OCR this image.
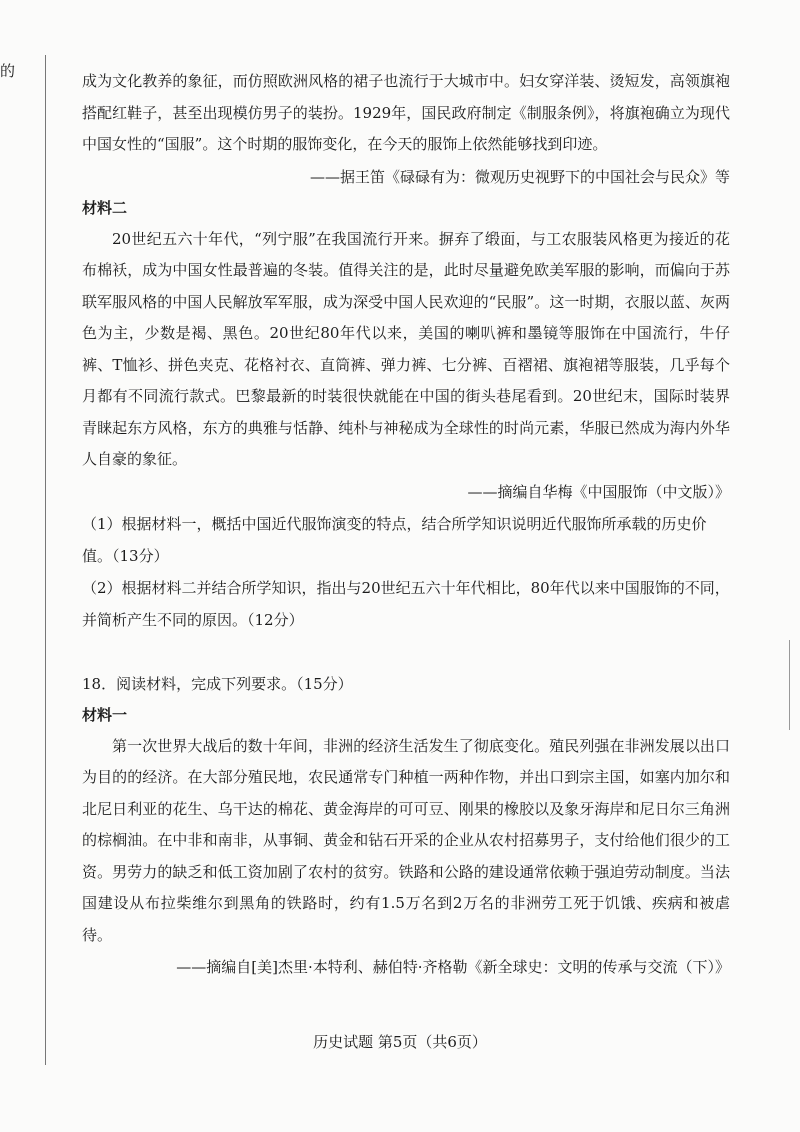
的

成为文化教养的象征，而仿照欧洲风格的裙子也流行于大城市中。妇女穿洋装、烫短发，高领旗袍搭配红鞋子，甚至出现模仿男子的装扮。1929年，国民政府制定《制服条例》，将旗袍确立为现代中国女性的“国服”。这个时期的服饰变化，在今天的服饰上依然能够找到印迹。

——据王笛《碌碌有为：微观历史视野下的中国社会与民众》等

材料二

20世纪五六十年代，“列宁服”在我国流行开来。摒弃了缎面，与工农服装风格更为接近的花布棉袄，成为中国女性最普遍的冬装。值得关注的是，此时尽量避免欧美军服的影响，而偏向于苏联军服风格的中国人民解放军军服，成为深受中国人民欢迎的“民服”。这一时期，衣服以蓝、灰两色为主，少数是褐、黑色。20世纪80年代以来，美国的喇叭裤和墨镜等服饰在中国流行，牛仔裤、T恤衫、拼色夹克、花格衬衣、直筒裤、弹力裤、七分裤、百褶裙、旗袍裙等服装，几乎每个月都有不同流行款式。巴黎最新的时装很快就能在中国的街头巷尾看到。20世纪末，国际时装界青睐起东方风格，东方的典雅与恬静、纯朴与神秘成为全球性的时尚元素，华服已然成为海内外华人自豪的象征。

——摘编自华梅《中国服饰（中文版）》

（1）根据材料一，概括中国近代服饰演变的特点，结合所学知识说明近代服饰所承载的历史价值。（13分）

（2）根据材料二并结合所学知识，指出与20世纪五六十年代相比，80年代以来中国服饰的不同，并简析产生不同的原因。（12分）

18．阅读材料，完成下列要求。（15分）

材料一

第一次世界大战后的数十年间，非洲的经济生活发生了彻底变化。殖民列强在非洲发展以出口为目的的经济。在大部分殖民地，农民通常专门种植一两种作物，并出口到宗主国，如塞内加尔和北尼日利亚的花生、乌干达的棉花、黄金海岸的可可豆、刚果的橡胶以及象牙海岸和尼日尔三角洲的棕榈油。在中非和南非，从事铜、黄金和钻石开采的企业从农村招募男子，支付给他们很少的工资。男劳力的缺乏和低工资加剧了农村的贫穷。铁路和公路的建设通常依赖于强迫劳动制度。当法国建设从布拉柴维尔到黑角的铁路时，约有1.5万名到2万名的非洲劳工死于饥饿、疾病和被虐待。

——摘编自[美]杰里·本特利、赫伯特·齐格勒《新全球史：文明的传承与交流（下）》

历史试题 第5页（共6页）
